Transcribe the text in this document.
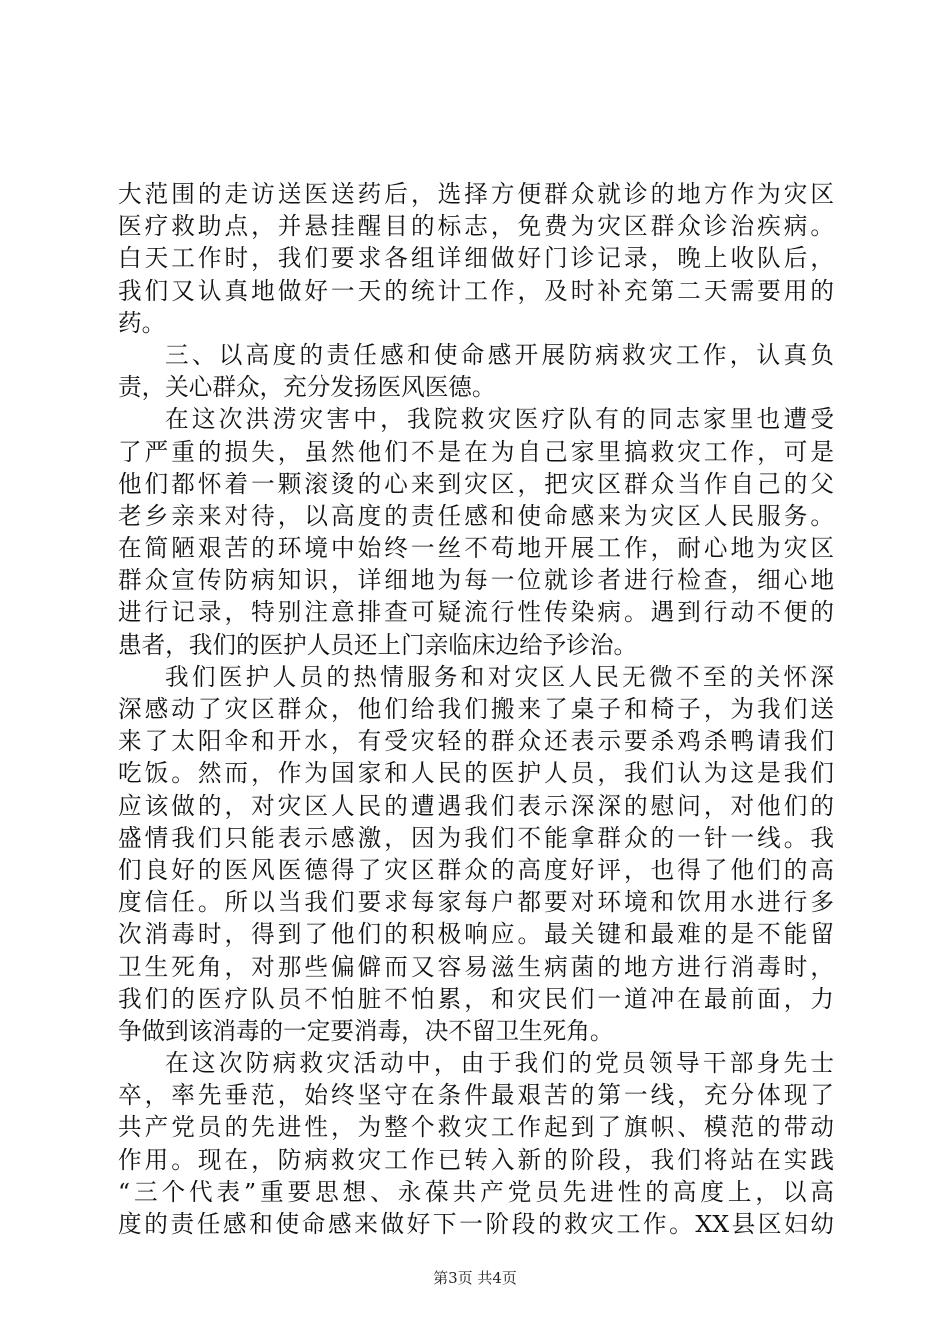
大范围的走访送医送药后，选择方便群众就诊的地方作为灾区
医疗救助点，并悬挂醒目的标志，免费为灾区群众诊治疾病。
白天工作时，我们要求各组详细做好门诊记录，晚上收队后，
我们又认真地做好一天的统计工作，及时补充第二天需要用的
药。
三、以高度的责任感和使命感开展防病救灾工作，认真负
责，关心群众，充分发扬医风医德。
在这次洪涝灾害中，我院救灾医疗队有的同志家里也遭受
了严重的损失，虽然他们不是在为自己家里搞救灾工作，可是
他们都怀着一颗滚烫的心来到灾区，把灾区群众当作自己的父
老乡亲来对待，以高度的责任感和使命感来为灾区人民服务。
在简陋艰苦的环境中始终一丝不苟地开展工作，耐心地为灾区
群众宣传防病知识，详细地为每一位就诊者进行检查，细心地
进行记录，特别注意排查可疑流行性传染病。遇到行动不便的
患者，我们的医护人员还上门亲临床边给予诊治。
我们医护人员的热情服务和对灾区人民无微不至的关怀深
深感动了灾区群众，他们给我们搬来了桌子和椅子，为我们送
来了太阳伞和开水，有受灾轻的群众还表示要杀鸡杀鸭请我们
吃饭。然而，作为国家和人民的医护人员，我们认为这是我们
应该做的，对灾区人民的遭遇我们表示深深的慰问，对他们的
盛情我们只能表示感激，因为我们不能拿群众的一针一线。我
们良好的医风医德得了灾区群众的高度好评，也得了他们的高
度信任。所以当我们要求每家每户都要对环境和饮用水进行多
次消毒时，得到了他们的积极响应。最关键和最难的是不能留
卫生死角，对那些偏僻而又容易滋生病菌的地方进行消毒时，
我们的医疗队员不怕脏不怕累，和灾民们一道冲在最前面，力
争做到该消毒的一定要消毒，决不留卫生死角。
在这次防病救灾活动中，由于我们的党员领导干部身先士
卒，率先垂范，始终坚守在条件最艰苦的第一线，充分体现了
共产党员的先进性，为整个救灾工作起到了旗帜、模范的带动
作用。现在，防病救灾工作已转入新的阶段，我们将站在实践
“三个代表”重要思想、永葆共产党员先进性的高度上，以高
度的责任感和使命感来做好下一阶段的救灾工作。XX县区妇幼
第3页 共4页
